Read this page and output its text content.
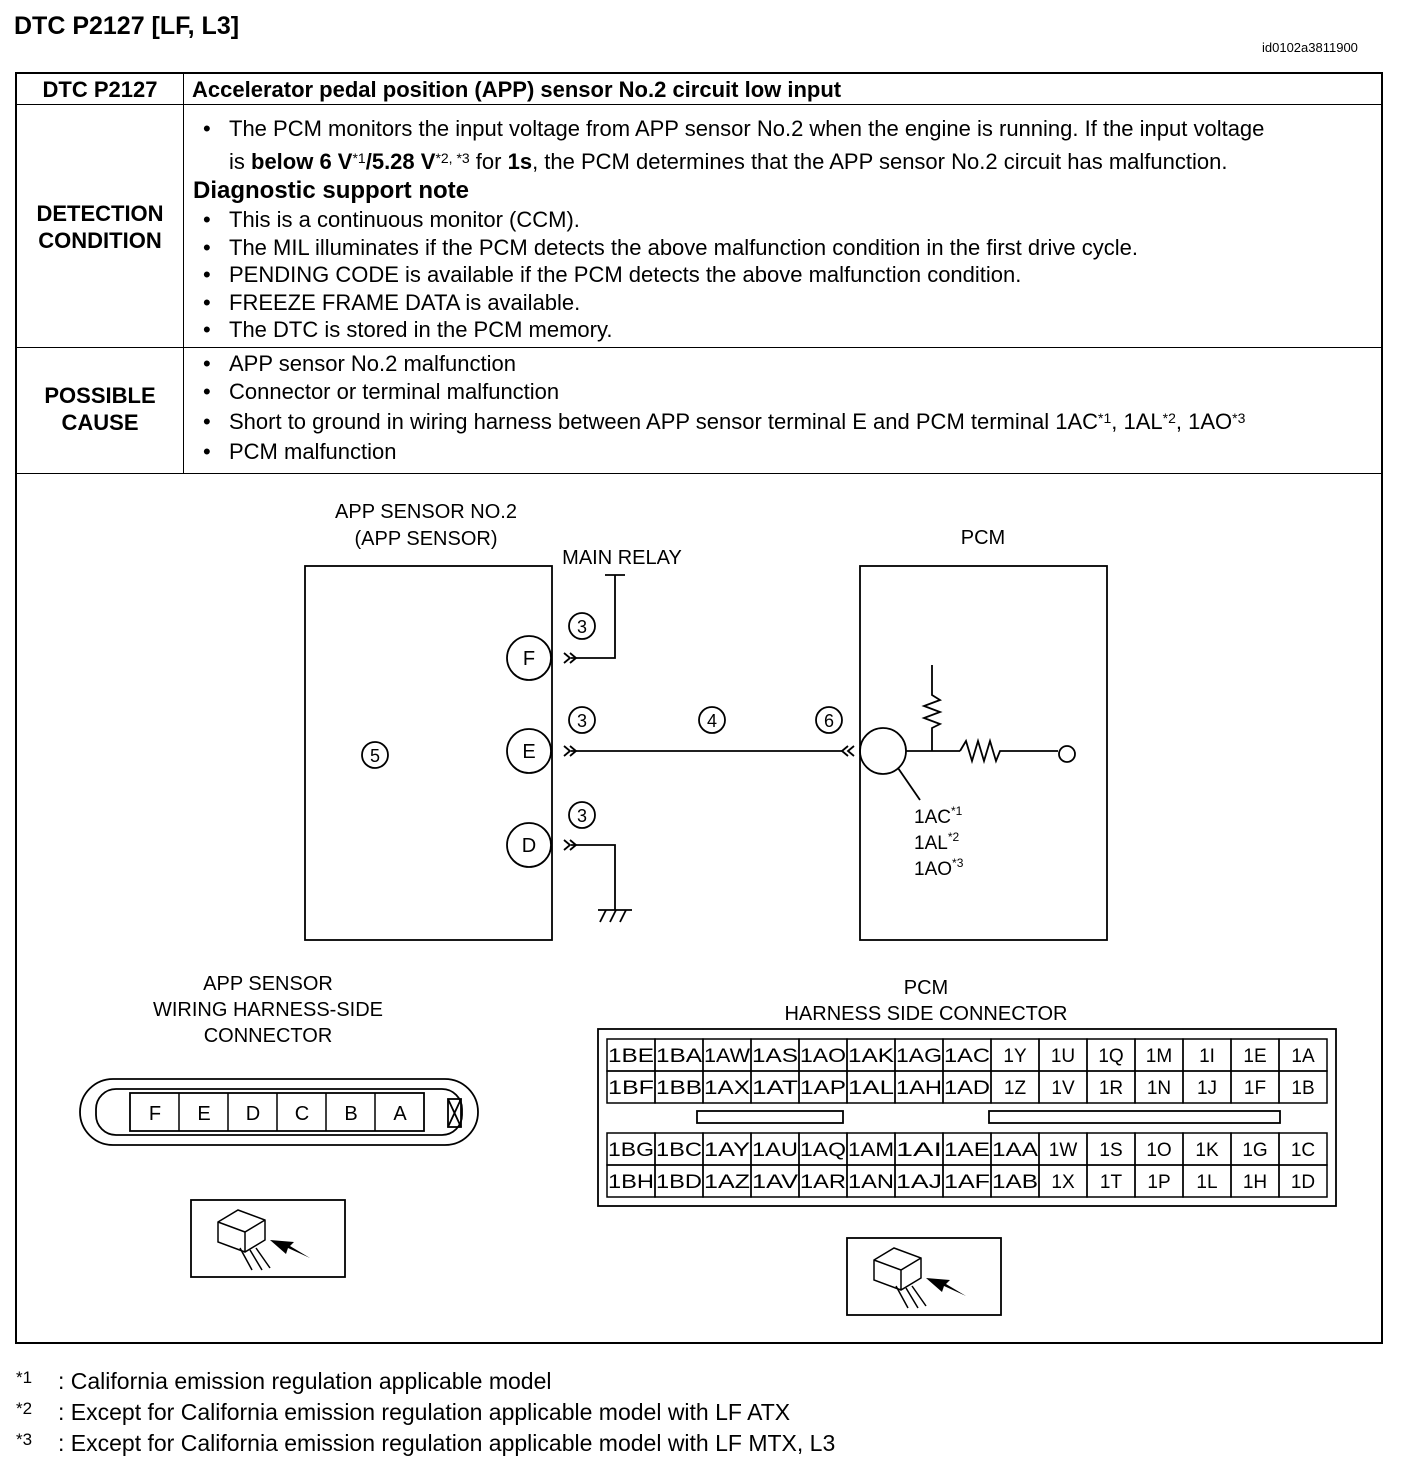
DTC P2127 [LF, L3]
id0102a3811900
DTC P2127	Accelerator pedal position (APP) sensor No.2 circuit low input
DETECTION
CONDITION
• The PCM monitors the input voltage from APP sensor No.2 when the engine is running. If the input voltage
is below 6 $V^{*1}/5.28$ $V^{*2, *3}$ for 1s, the PCM determines that the APP sensor No.2 circuit has malfunction.
Diagnostic support note
• This is a continuous monitor (CCM).
• The MIL illuminates if the PCM detects the above malfunction condition in the first drive cycle.
• PENDING CODE is available if the PCM detects the above malfunction condition.
• FREEZE FRAME DATA is available.
• The DTC is stored in the PCM memory.
POSSIBLE
CAUSE
• APP sensor No.2 malfunction
• Connector or terminal malfunction
• Short to ground in wiring harness between APP sensor terminal E and PCM terminal 1AC$^{*1}$, 1AL$^{*2}$, 1AO$^{*3}$
• PCM malfunction
F E D C B A
APP SENSOR NO.2
(APP SENSOR)
MAIN RELAY
PCM
F
E
D
3
3
3
4
5
6
APP SENSOR
WIRING HARNESS-SIDE
CONNECTOR
PCM
HARNESS SIDE CONNECTOR
1AC$^{*1}$
1AL$^{*2}$
1AO$^{*3}$
1BE 1BA 1AW 1AS 1AO 1AK 1AG 1AC 1Y 1U 1Q 1M 1I 1E 1A
1BF 1BB 1AX 1AT 1AP 1AL 1AH 1AD 1Z 1V 1R 1N 1J 1F 1B
1BG 1BC 1AY 1AU 1AQ 1AM 1AI 1AE 1AA 1W 1S 1O 1K 1G 1C
1BH 1BD 1AZ 1AV 1AR 1AN 1AJ 1AF 1AB 1X 1T 1P 1L 1H 1D
*1 : California emission regulation applicable model
*2 : Except for California emission regulation applicable model with LF ATX
*3 : Except for California emission regulation applicable model with LF MTX, L3
